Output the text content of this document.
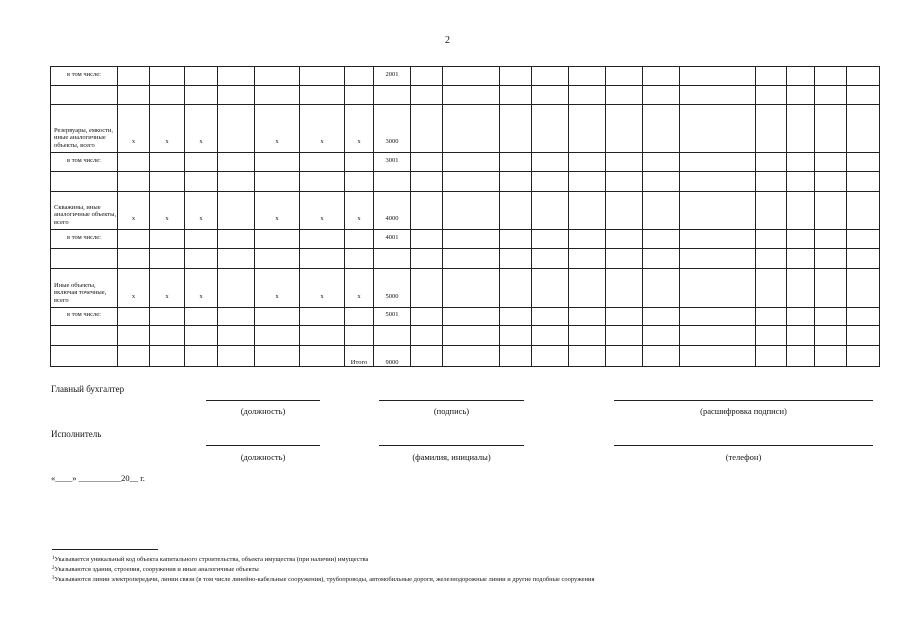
2
в том числе:								2001												

Резервуары, емкости, иные аналогичные объекты, всего	x	x	x		x	x	x	3000												
в том числе:								3001												

Скважины, иные аналогичные объекты, всего	x	x	x		x	x	x	4000												
в том числе:								4001												

Иные объекты, включая точечные, всего	x	x	x		x	x	x	5000												
в том числе:								5001												

							Итого	9000												
Главный бухгалтер
(должность)	(подпись)	(расшифровка подписи)
Исполнитель
(должность)	(фамилия, инициалы)	(телефон)
«____» __________20__ г.
$^1$Указывается уникальный код объекта капитального строительства, объекта имущества (при наличии) имущества
$^2$Указываются здания, строения, сооружения и иные аналогичные объекты
$^3$Указываются линии электропередачи, линии связи (в том числе линейно-кабельные сооружения), трубопроводы, автомобильные дороги, железнодорожные линии и другие подобные сооружения
